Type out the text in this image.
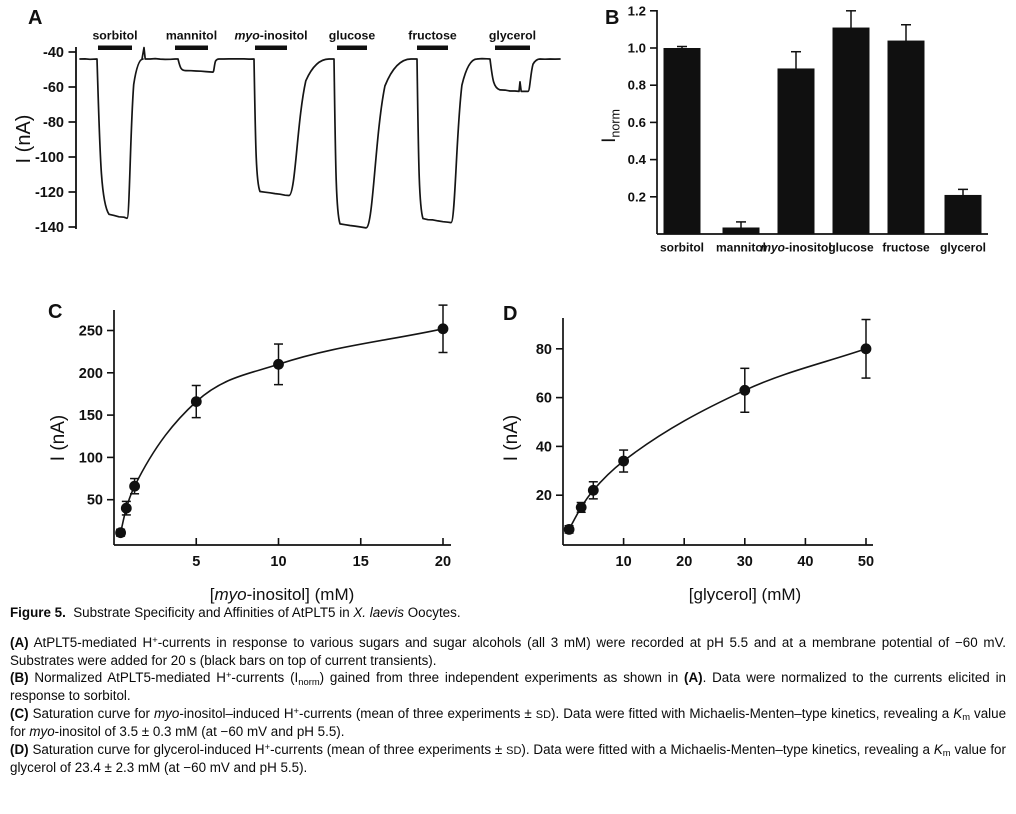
A
-40
-60
-80
-100
-120
-140
I (nA)
sorbitol mannitol myo-inositol glucose	fructose	glycerol
B
0.2
0.4
0.6
0.8
1.0
1.2
$I_{norm}$
sorbitol mannitol
myo-inositol
glucose fructose glycerol
C
5	10	15	20
50
100
150
200
250
[myo-inositol] (mM)
I (nA)
D
10	20	30	40	50
20
40
60
80
[glycerol] (mM)
I (nA)

Figure 5.  Substrate Specificity and Affinities of AtPLT5 in X. laevis Oocytes.

(A) AtPLT5-mediated H+-currents in response to various sugars and sugar alcohols (all 3 mM) were recorded at pH 5.5 and at a membrane potential of −60 mV. Substrates were added for 20 s (black bars on top of current transients).

(B) Normalized AtPLT5-mediated H+-currents (Inorm) gained from three independent experiments as shown in (A). Data were normalized to the currents elicited in response to sorbitol.

(C) Saturation curve for myo-inositol–induced H+-currents (mean of three experiments ± SD). Data were fitted with Michaelis-Menten–type kinetics, revealing a Km value for myo-inositol of 3.5 ± 0.3 mM (at −60 mV and pH 5.5).

(D) Saturation curve for glycerol-induced H+-currents (mean of three experiments ± SD). Data were fitted with a Michaelis-Menten–type kinetics, revealing a Km value for glycerol of 23.4 ± 2.3 mM (at −60 mV and pH 5.5).
